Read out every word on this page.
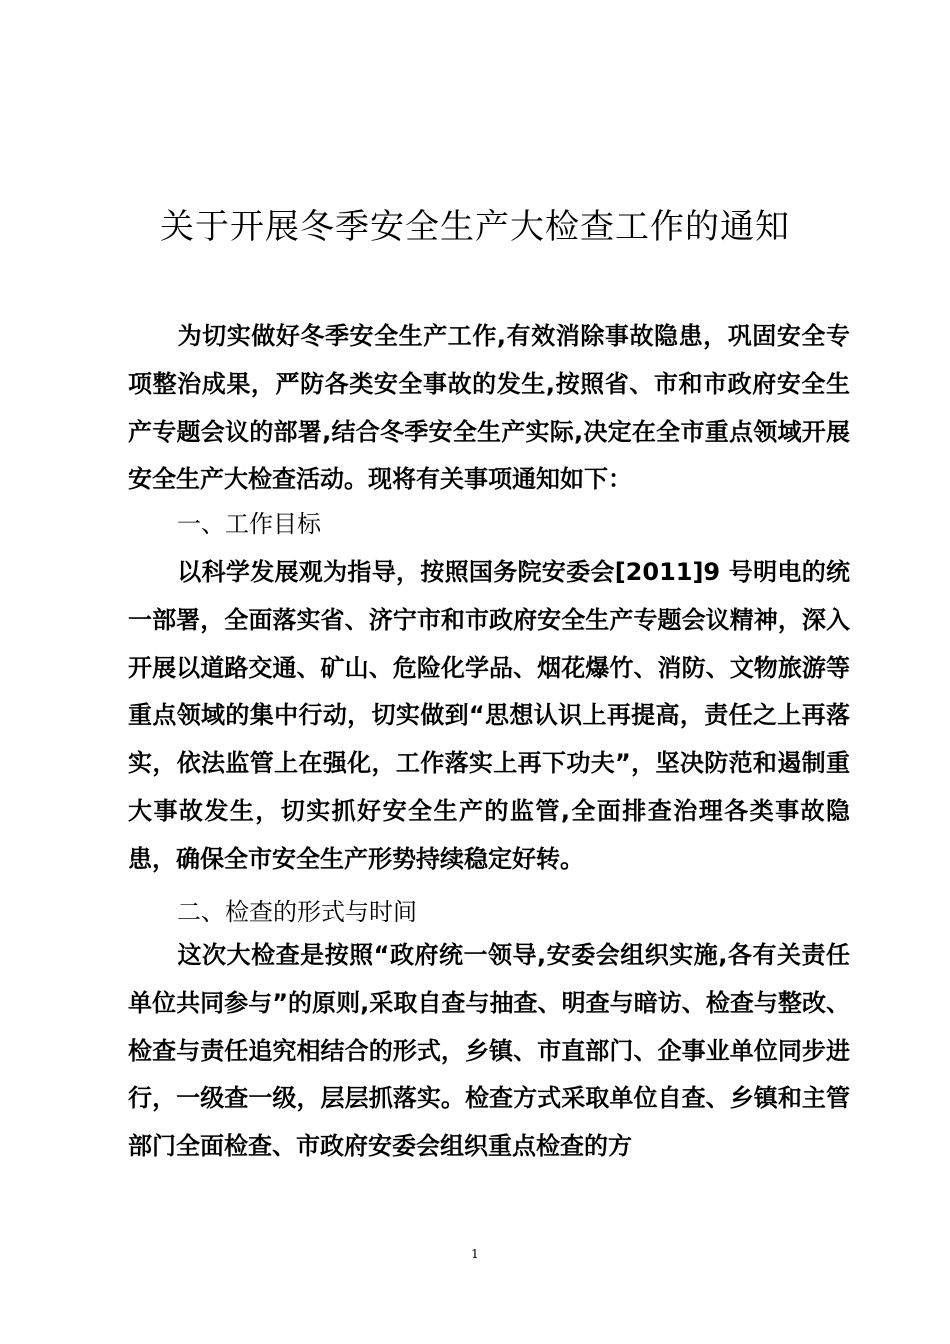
关于开展冬季安全生产大检查工作的通知

为切实做好冬季安全生产工作,有效消除事故隐患，巩固安全专项整治成果，严防各类安全事故的发生,按照省、市和市政府安全生产专题会议的部署,结合冬季安全生产实际,决定在全市重点领域开展安全生产大检查活动。现将有关事项通知如下：

一、工作目标

以科学发展观为指导，按照国务院安委会[2011]9 号明电的统一部署，全面落实省、济宁市和市政府安全生产专题会议精神，深入开展以道路交通、矿山、危险化学品、烟花爆竹、消防、文物旅游等重点领域的集中行动，切实做到“思想认识上再提高，责任之上再落实，依法监管上在强化，工作落实上再下功夫”，坚决防范和遏制重大事故发生，切实抓好安全生产的监管,全面排查治理各类事故隐患，确保全市安全生产形势持续稳定好转。

二、检查的形式与时间

这次大检查是按照“政府统一领导,安委会组织实施,各有关责任单位共同参与”的原则,采取自查与抽查、明查与暗访、检查与整改、检查与责任追究相结合的形式，乡镇、市直部门、企事业单位同步进行，一级查一级，层层抓落实。检查方式采取单位自查、乡镇和主管部门全面检查、市政府安委会组织重点检查的方

1
